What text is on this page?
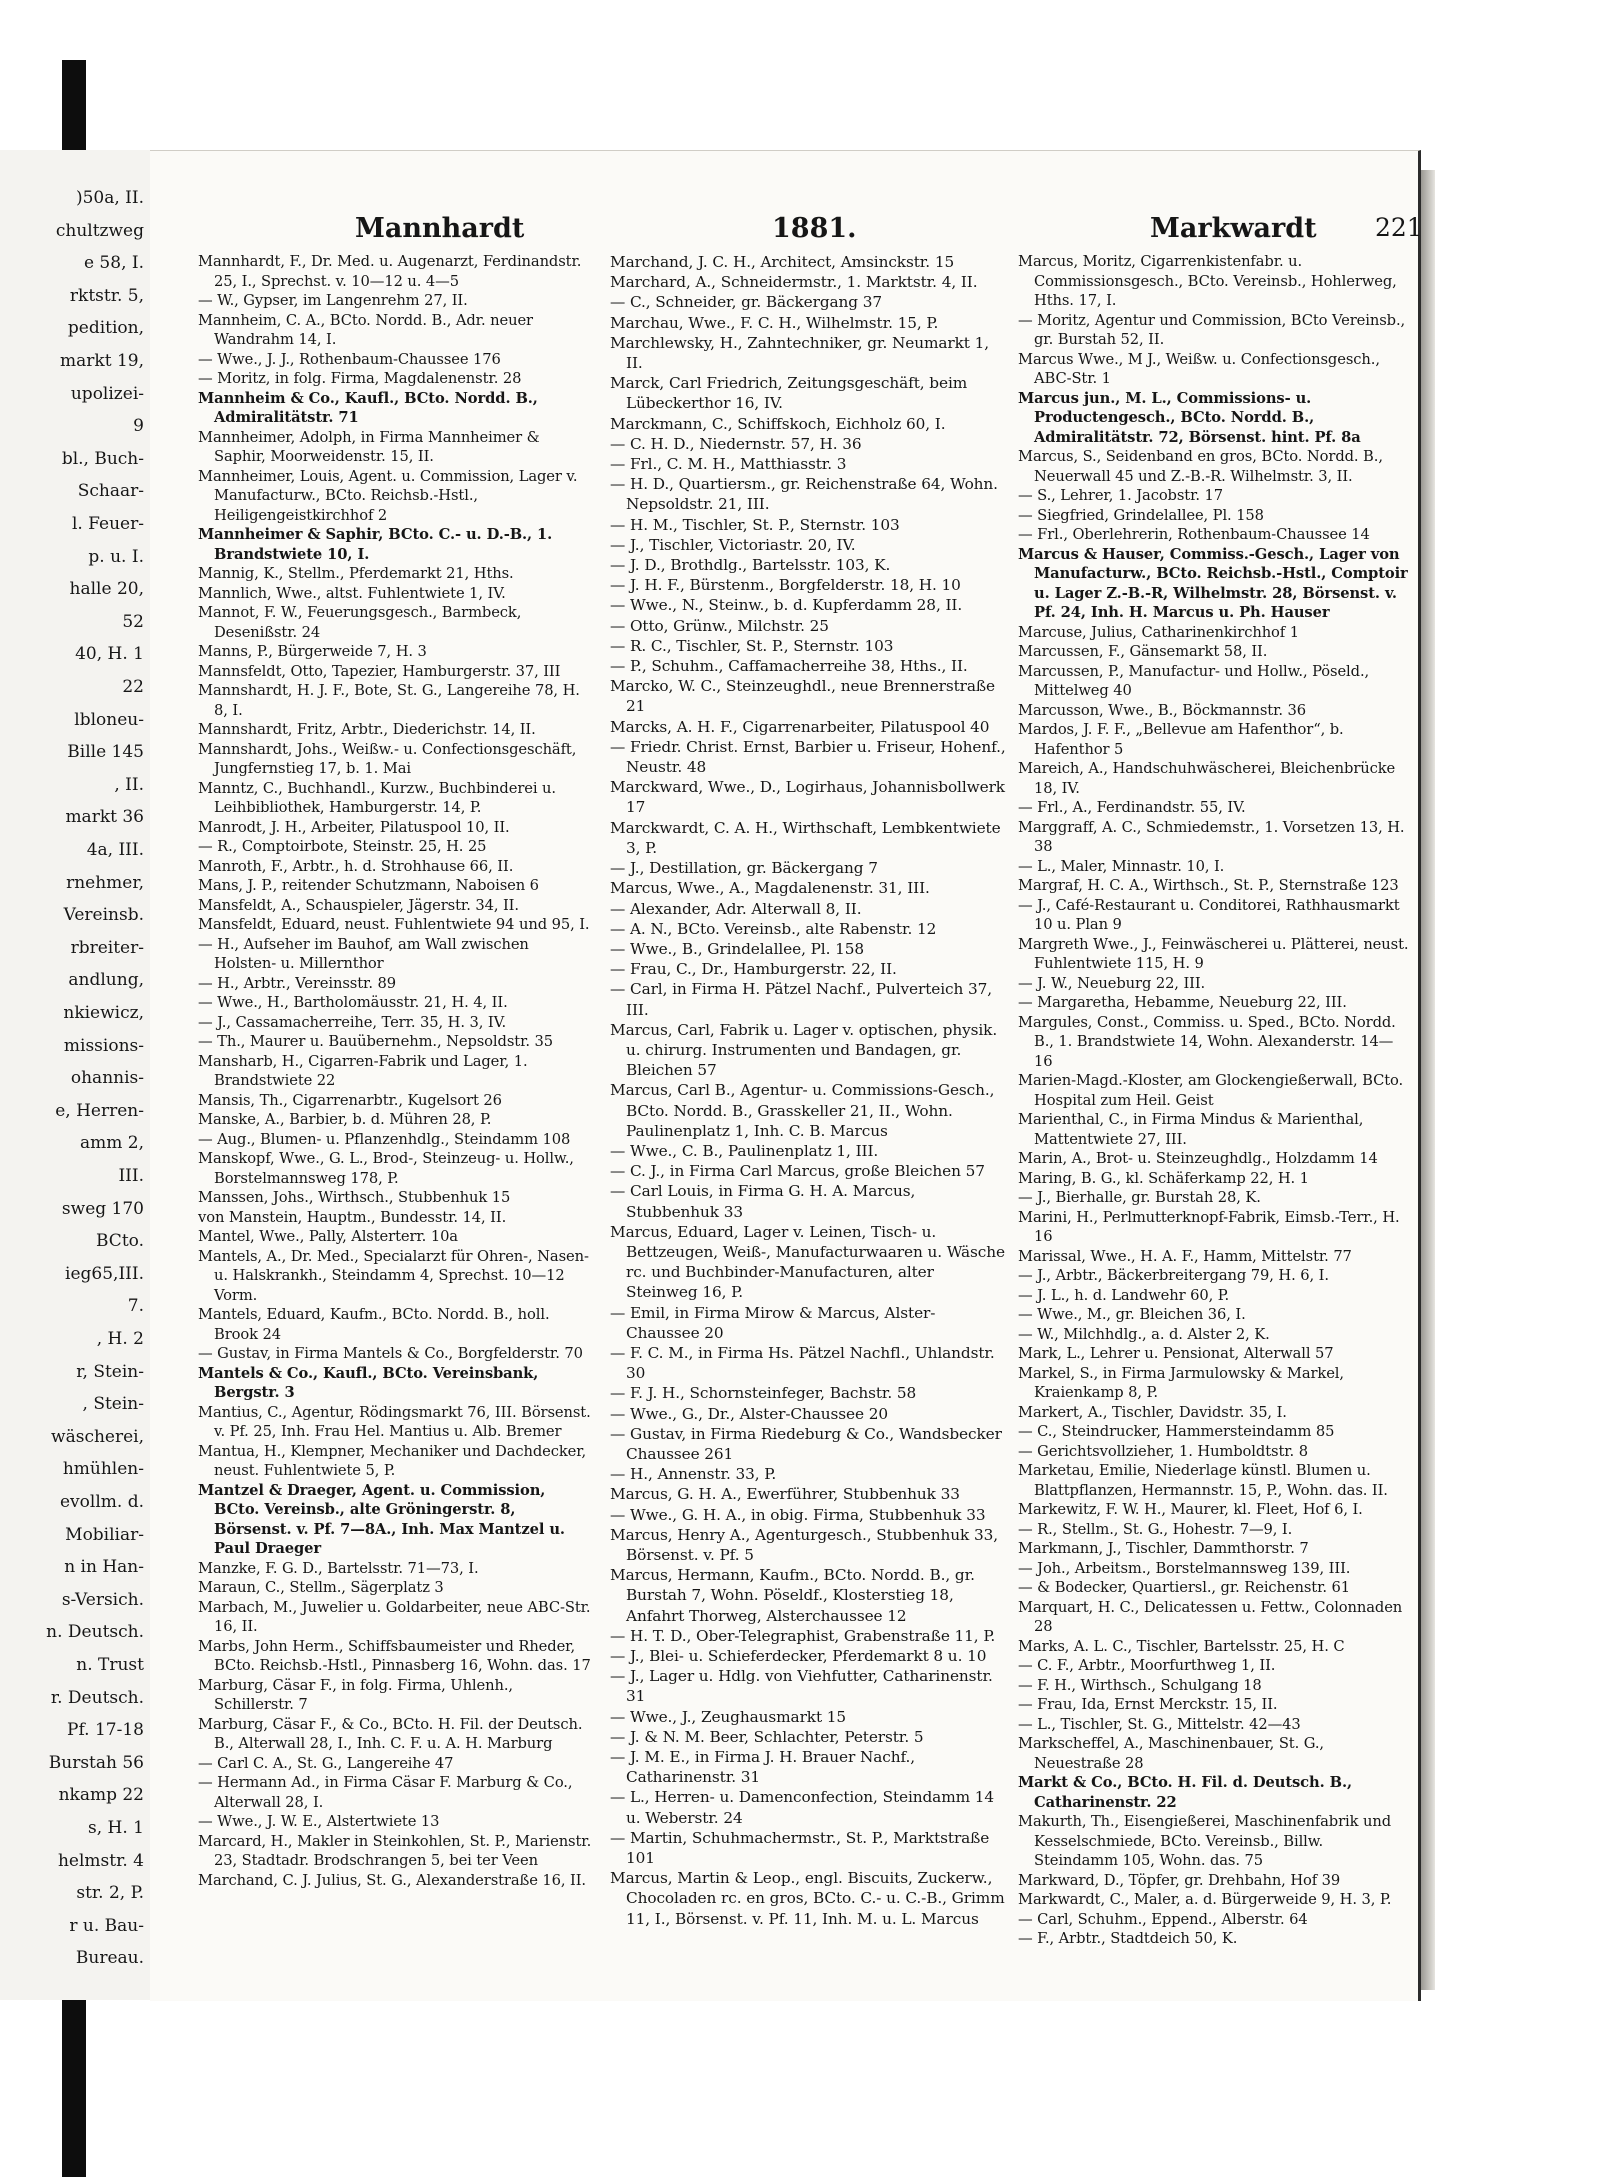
)50a, II.
chultzweg
e 58, I.
rktstr. 5,
pedition,
markt 19,
upolizei-
9
bl., Buch-
Schaar-
l. Feuer-
p. u. I.
halle 20,
52
40, H. 1
22
lbloneu-
Bille 145
, II.
markt 36
4a, III.
rnehmer,
Vereinsb.
rbreiter-
andlung,
nkiewicz,
missions-
ohannis-
e, Herren-
amm 2,
III.
sweg 170
BCto.
ieg65,III.
7.
, H. 2
r, Stein-
, Stein-
wäscherei,
hmühlen-
evollm. d.
Mobiliar-
n in Han-
s-Versich.
n. Deutsch.
n. Trust
r. Deutsch.
Pf. 17-18
Burstah 56
nkamp 22
s, H. 1
helmstr. 4
str. 2, P.
r u. Bau-
Bureau.
Mannhardt	1881.	Markwardt 221
Mannhardt, F., Dr. Med. u. Augenarzt, Ferdinandstr. 25, I., Sprechst. v. 10—12 u. 4—5
— W., Gypser, im Langenrehm 27, II.
Mannheim, C. A., BCto. Nordd. B., Adr. neuer Wandrahm 14, I.
— Wwe., J. J., Rothenbaum-Chaussee 176
— Moritz, in folg. Firma, Magdalenenstr. 28
Mannheim & Co., Kaufl., BCto. Nordd. B., Admiralitätstr. 71
Mannheimer, Adolph, in Firma Mannheimer & Saphir, Moorweidenstr. 15, II.
Mannheimer, Louis, Agent. u. Commission, Lager v. Manufacturw., BCto. Reichsb.-Hstl., Heiligengeistkirchhof 2
Mannheimer & Saphir, BCto. C.- u. D.-B., 1. Brandstwiete 10, I.
Mannig, K., Stellm., Pferdemarkt 21, Hths.
Mannlich, Wwe., altst. Fuhlentwiete 1, IV.
Mannot, F. W., Feuerungsgesch., Barmbeck, Desenißstr. 24
Manns, P., Bürgerweide 7, H. 3
Mannsfeldt, Otto, Tapezier, Hamburgerstr. 37, III
Mannshardt, H. J. F., Bote, St. G., Langereihe 78, H. 8, I.
Mannshardt, Fritz, Arbtr., Diederichstr. 14, II.
Mannshardt, Johs., Weißw.- u. Confectionsgeschäft, Jungfernstieg 17, b. 1. Mai
Manntz, C., Buchhandl., Kurzw., Buchbinderei u. Leihbibliothek, Hamburgerstr. 14, P.
Manrodt, J. H., Arbeiter, Pilatuspool 10, II.
— R., Comptoirbote, Steinstr. 25, H. 25
Manroth, F., Arbtr., h. d. Strohhause 66, II.
Mans, J. P., reitender Schutzmann, Naboisen 6
Mansfeldt, A., Schauspieler, Jägerstr. 34, II.
Mansfeldt, Eduard, neust. Fuhlentwiete 94 und 95, I.
— H., Aufseher im Bauhof, am Wall zwischen Holsten- u. Millernthor
— H., Arbtr., Vereinsstr. 89
— Wwe., H., Bartholomäusstr. 21, H. 4, II.
— J., Cassamacherreihe, Terr. 35, H. 3, IV.
— Th., Maurer u. Bauübernehm., Nepsoldstr. 35
Mansharb, H., Cigarren-Fabrik und Lager, 1. Brandstwiete 22
Mansis, Th., Cigarrenarbtr., Kugelsort 26
Manske, A., Barbier, b. d. Mühren 28, P.
— Aug., Blumen- u. Pflanzenhdlg., Steindamm 108
Manskopf, Wwe., G. L., Brod-, Steinzeug- u. Hollw., Borstelmannsweg 178, P.
Manssen, Johs., Wirthsch., Stubbenhuk 15
von Manstein, Hauptm., Bundesstr. 14, II.
Mantel, Wwe., Pally, Alsterterr. 10a
Mantels, A., Dr. Med., Specialarzt für Ohren-, Nasen- u. Halskrankh., Steindamm 4, Sprechst. 10—12 Vorm.
Mantels, Eduard, Kaufm., BCto. Nordd. B., holl. Brook 24
— Gustav, in Firma Mantels & Co., Borgfelderstr. 70
Mantels & Co., Kaufl., BCto. Vereinsbank, Bergstr. 3
Mantius, C., Agentur, Rödingsmarkt 76, III. Börsenst. v. Pf. 25, Inh. Frau Hel. Mantius u. Alb. Bremer
Mantua, H., Klempner, Mechaniker und Dachdecker, neust. Fuhlentwiete 5, P.
Mantzel & Draeger, Agent. u. Commission, BCto. Vereinsb., alte Gröningerstr. 8, Börsenst. v. Pf. 7—8A., Inh. Max Mantzel u. Paul Draeger
Manzke, F. G. D., Bartelsstr. 71—73, I.
Maraun, C., Stellm., Sägerplatz 3
Marbach, M., Juwelier u. Goldarbeiter, neue ABC-Str. 16, II.
Marbs, John Herm., Schiffsbaumeister und Rheder, BCto. Reichsb.-Hstl., Pinnasberg 16, Wohn. das. 17
Marburg, Cäsar F., in folg. Firma, Uhlenh., Schillerstr. 7
Marburg, Cäsar F., & Co., BCto. H. Fil. der Deutsch. B., Alterwall 28, I., Inh. C. F. u. A. H. Marburg
— Carl C. A., St. G., Langereihe 47
— Hermann Ad., in Firma Cäsar F. Marburg & Co., Alterwall 28, I.
— Wwe., J. W. E., Alstertwiete 13
Marcard, H., Makler in Steinkohlen, St. P., Marienstr. 23, Stadtadr. Brodschrangen 5, bei ter Veen
Marchand, C. J. Julius, St. G., Alexanderstraße 16, II.
Marchand, J. C. H., Architect, Amsinckstr. 15
Marchard, A., Schneidermstr., 1. Marktstr. 4, II.
— C., Schneider, gr. Bäckergang 37
Marchau, Wwe., F. C. H., Wilhelmstr. 15, P.
Marchlewsky, H., Zahntechniker, gr. Neumarkt 1, II.
Marck, Carl Friedrich, Zeitungsgeschäft, beim Lübeckerthor 16, IV.
Marckmann, C., Schiffskoch, Eichholz 60, I.
— C. H. D., Niedernstr. 57, H. 36
— Frl., C. M. H., Matthiasstr. 3
— H. D., Quartiersm., gr. Reichenstraße 64, Wohn. Nepsoldstr. 21, III.
— H. M., Tischler, St. P., Sternstr. 103
— J., Tischler, Victoriastr. 20, IV.
— J. D., Brothdlg., Bartelsstr. 103, K.
— J. H. F., Bürstenm., Borgfelderstr. 18, H. 10
— Wwe., N., Steinw., b. d. Kupferdamm 28, II.
— Otto, Grünw., Milchstr. 25
— R. C., Tischler, St. P., Sternstr. 103
— P., Schuhm., Caffamacherreihe 38, Hths., II.
Marcko, W. C., Steinzeughdl., neue Brennerstraße 21
Marcks, A. H. F., Cigarrenarbeiter, Pilatuspool 40
— Friedr. Christ. Ernst, Barbier u. Friseur, Hohenf., Neustr. 48
Marckward, Wwe., D., Logirhaus, Johannisbollwerk 17
Marckwardt, C. A. H., Wirthschaft, Lembkentwiete 3, P.
— J., Destillation, gr. Bäckergang 7
Marcus, Wwe., A., Magdalenenstr. 31, III.
— Alexander, Adr. Alterwall 8, II.
— A. N., BCto. Vereinsb., alte Rabenstr. 12
— Wwe., B., Grindelallee, Pl. 158
— Frau, C., Dr., Hamburgerstr. 22, II.
— Carl, in Firma H. Pätzel Nachf., Pulverteich 37, III.
Marcus, Carl, Fabrik u. Lager v. optischen, physik. u. chirurg. Instrumenten und Bandagen, gr. Bleichen 57
Marcus, Carl B., Agentur- u. Commissions-Gesch., BCto. Nordd. B., Grasskeller 21, II., Wohn. Paulinenplatz 1, Inh. C. B. Marcus
— Wwe., C. B., Paulinenplatz 1, III.
— C. J., in Firma Carl Marcus, große Bleichen 57
— Carl Louis, in Firma G. H. A. Marcus, Stubbenhuk 33
Marcus, Eduard, Lager v. Leinen, Tisch- u. Bettzeugen, Weiß-, Manufacturwaaren u. Wäsche rc. und Buchbinder-Manufacturen, alter Steinweg 16, P.
— Emil, in Firma Mirow & Marcus, Alster-Chaussee 20
— F. C. M., in Firma Hs. Pätzel Nachfl., Uhlandstr. 30
— F. J. H., Schornsteinfeger, Bachstr. 58
— Wwe., G., Dr., Alster-Chaussee 20
— Gustav, in Firma Riedeburg & Co., Wandsbecker Chaussee 261
— H., Annenstr. 33, P.
Marcus, G. H. A., Ewerführer, Stubbenhuk 33
— Wwe., G. H. A., in obig. Firma, Stubbenhuk 33
Marcus, Henry A., Agenturgesch., Stubbenhuk 33, Börsenst. v. Pf. 5
Marcus, Hermann, Kaufm., BCto. Nordd. B., gr. Burstah 7, Wohn. Pöseldf., Klosterstieg 18, Anfahrt Thorweg, Alsterchaussee 12
— H. T. D., Ober-Telegraphist, Grabenstraße 11, P.
— J., Blei- u. Schieferdecker, Pferdemarkt 8 u. 10
— J., Lager u. Hdlg. von Viehfutter, Catharinenstr. 31
— Wwe., J., Zeughausmarkt 15
— J. & N. M. Beer, Schlachter, Peterstr. 5
— J. M. E., in Firma J. H. Brauer Nachf., Catharinenstr. 31
— L., Herren- u. Damenconfection, Steindamm 14 u. Weberstr. 24
— Martin, Schuhmachermstr., St. P., Marktstraße 101
Marcus, Martin & Leop., engl. Biscuits, Zuckerw., Chocoladen rc. en gros, BCto. C.- u. C.-B., Grimm 11, I., Börsenst. v. Pf. 11, Inh. M. u. L. Marcus
Marcus, Moritz, Cigarrenkistenfabr. u. Commissionsgesch., BCto. Vereinsb., Hohlerweg, Hths. 17, I.
— Moritz, Agentur und Commission, BCto Vereinsb., gr. Burstah 52, II.
Marcus Wwe., M J., Weißw. u. Confectionsgesch., ABC-Str. 1
Marcus jun., M. L., Commissions- u. Productengesch., BCto. Nordd. B., Admiralitätstr. 72, Börsenst. hint. Pf. 8a
Marcus, S., Seidenband en gros, BCto. Nordd. B., Neuerwall 45 und Z.-B.-R. Wilhelmstr. 3, II.
— S., Lehrer, 1. Jacobstr. 17
— Siegfried, Grindelallee, Pl. 158
— Frl., Oberlehrerin, Rothenbaum-Chaussee 14
Marcus & Hauser, Commiss.-Gesch., Lager von Manufacturw., BCto. Reichsb.-Hstl., Comptoir u. Lager Z.-B.-R, Wilhelmstr. 28, Börsenst. v. Pf. 24, Inh. H. Marcus u. Ph. Hauser
Marcuse, Julius, Catharinenkirchhof 1
Marcussen, F., Gänsemarkt 58, II.
Marcussen, P., Manufactur- und Hollw., Pöseld., Mittelweg 40
Marcusson, Wwe., B., Böckmannstr. 36
Mardos, J. F. F., „Bellevue am Hafenthor“, b. Hafenthor 5
Mareich, A., Handschuhwäscherei, Bleichenbrücke 18, IV.
— Frl., A., Ferdinandstr. 55, IV.
Marggraff, A. C., Schmiedemstr., 1. Vorsetzen 13, H. 38
— L., Maler, Minnastr. 10, I.
Margraf, H. C. A., Wirthsch., St. P., Sternstraße 123
— J., Café-Restaurant u. Conditorei, Rathhausmarkt 10 u. Plan 9
Margreth Wwe., J., Feinwäscherei u. Plätterei, neust. Fuhlentwiete 115, H. 9
— J. W., Neueburg 22, III.
— Margaretha, Hebamme, Neueburg 22, III.
Margules, Const., Commiss. u. Sped., BCto. Nordd. B., 1. Brandstwiete 14, Wohn. Alexanderstr. 14—16
Marien-Magd.-Kloster, am Glockengießerwall, BCto. Hospital zum Heil. Geist
Marienthal, C., in Firma Mindus & Marienthal, Mattentwiete 27, III.
Marin, A., Brot- u. Steinzeughdlg., Holzdamm 14
Maring, B. G., kl. Schäferkamp 22, H. 1
— J., Bierhalle, gr. Burstah 28, K.
Marini, H., Perlmutterknopf-Fabrik, Eimsb.-Terr., H. 16
Marissal, Wwe., H. A. F., Hamm, Mittelstr. 77
— J., Arbtr., Bäckerbreitergang 79, H. 6, I.
— J. L., h. d. Landwehr 60, P.
— Wwe., M., gr. Bleichen 36, I.
— W., Milchhdlg., a. d. Alster 2, K.
Mark, L., Lehrer u. Pensionat, Alterwall 57
Markel, S., in Firma Jarmulowsky & Markel, Kraienkamp 8, P.
Markert, A., Tischler, Davidstr. 35, I.
— C., Steindrucker, Hammersteindamm 85
— Gerichtsvollzieher, 1. Humboldtstr. 8
Marketau, Emilie, Niederlage künstl. Blumen u. Blattpflanzen, Hermannstr. 15, P., Wohn. das. II.
Markewitz, F. W. H., Maurer, kl. Fleet, Hof 6, I.
— R., Stellm., St. G., Hohestr. 7—9, I.
Markmann, J., Tischler, Dammthorstr. 7
— Joh., Arbeitsm., Borstelmannsweg 139, III.
— & Bodecker, Quartiersl., gr. Reichenstr. 61
Marquart, H. C., Delicatessen u. Fettw., Colonnaden 28
Marks, A. L. C., Tischler, Bartelsstr. 25, H. C
— C. F., Arbtr., Moorfurthweg 1, II.
— F. H., Wirthsch., Schulgang 18
— Frau, Ida, Ernst Merckstr. 15, II.
— L., Tischler, St. G., Mittelstr. 42—43
Markscheffel, A., Maschinenbauer, St. G., Neuestraße 28
Markt & Co., BCto. H. Fil. d. Deutsch. B., Catharinenstr. 22
Makurth, Th., Eisengießerei, Maschinenfabrik und Kesselschmiede, BCto. Vereinsb., Billw. Steindamm 105, Wohn. das. 75
Markward, D., Töpfer, gr. Drehbahn, Hof 39
Markwardt, C., Maler, a. d. Bürgerweide 9, H. 3, P.
— Carl, Schuhm., Eppend., Alberstr. 64
— F., Arbtr., Stadtdeich 50, K.
